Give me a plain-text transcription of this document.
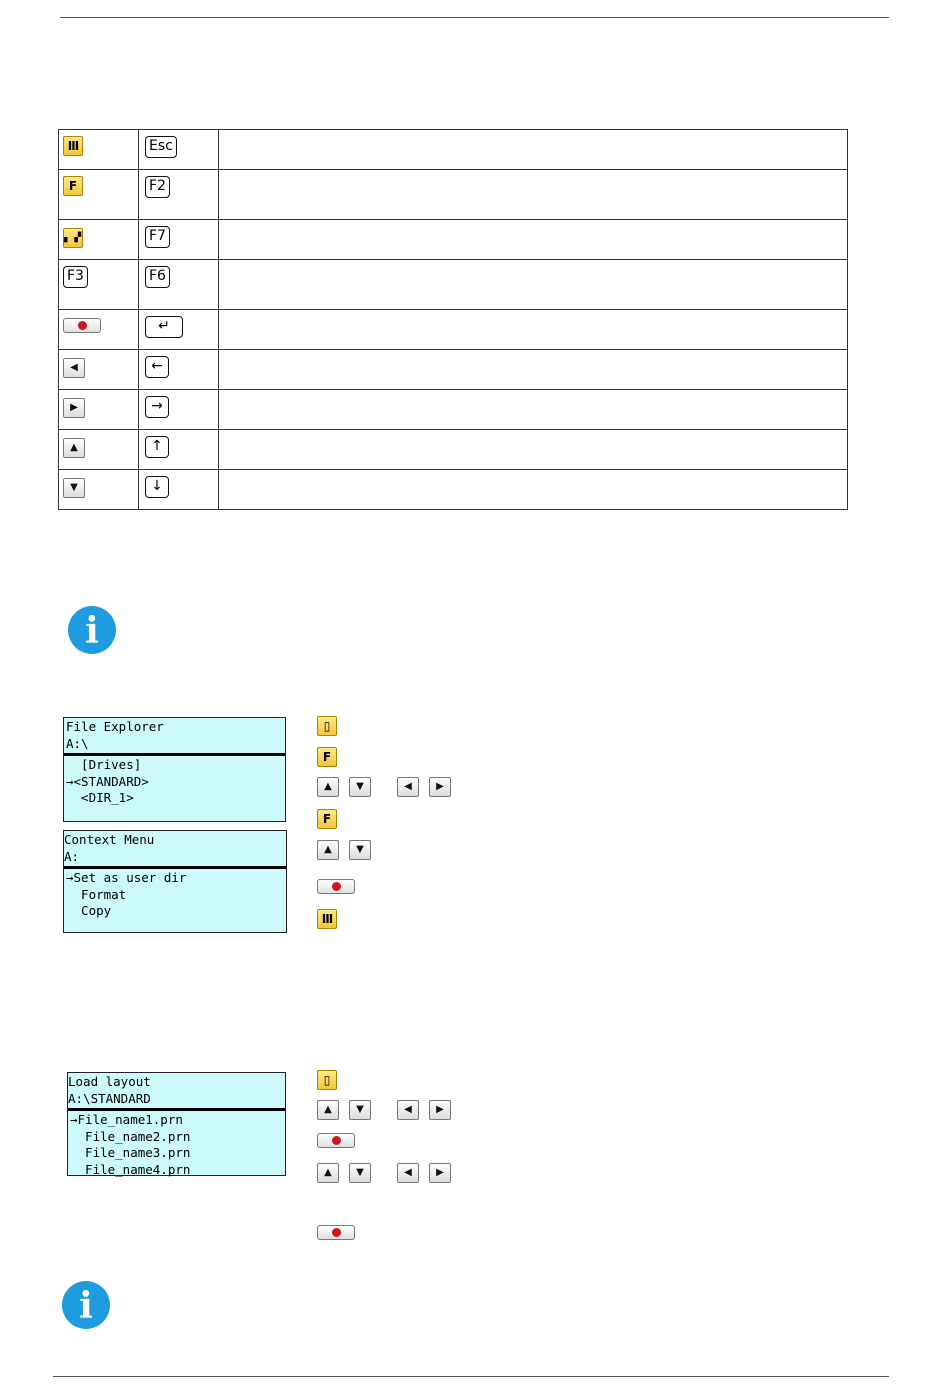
III	Esc	

F	F2	

▖▗▘	F7	

F3	F6	

	↵	

◀	←	

▶	→	

▲	↑	

▼	↓	

i
File Explorer
A:\
[Drives]
→<STANDARD>
<DIR_1>
Context Menu
A:
→Set as user dir
Format
Copy
▯
F
▲	▼	◀	▶
F
▲	▼
III
Load layout
A:\STANDARD
→File_name1.prn
File_name2.prn
File_name3.prn
File_name4.prn
▯
▲	▼	◀	▶
▲	▼	◀	▶
i
